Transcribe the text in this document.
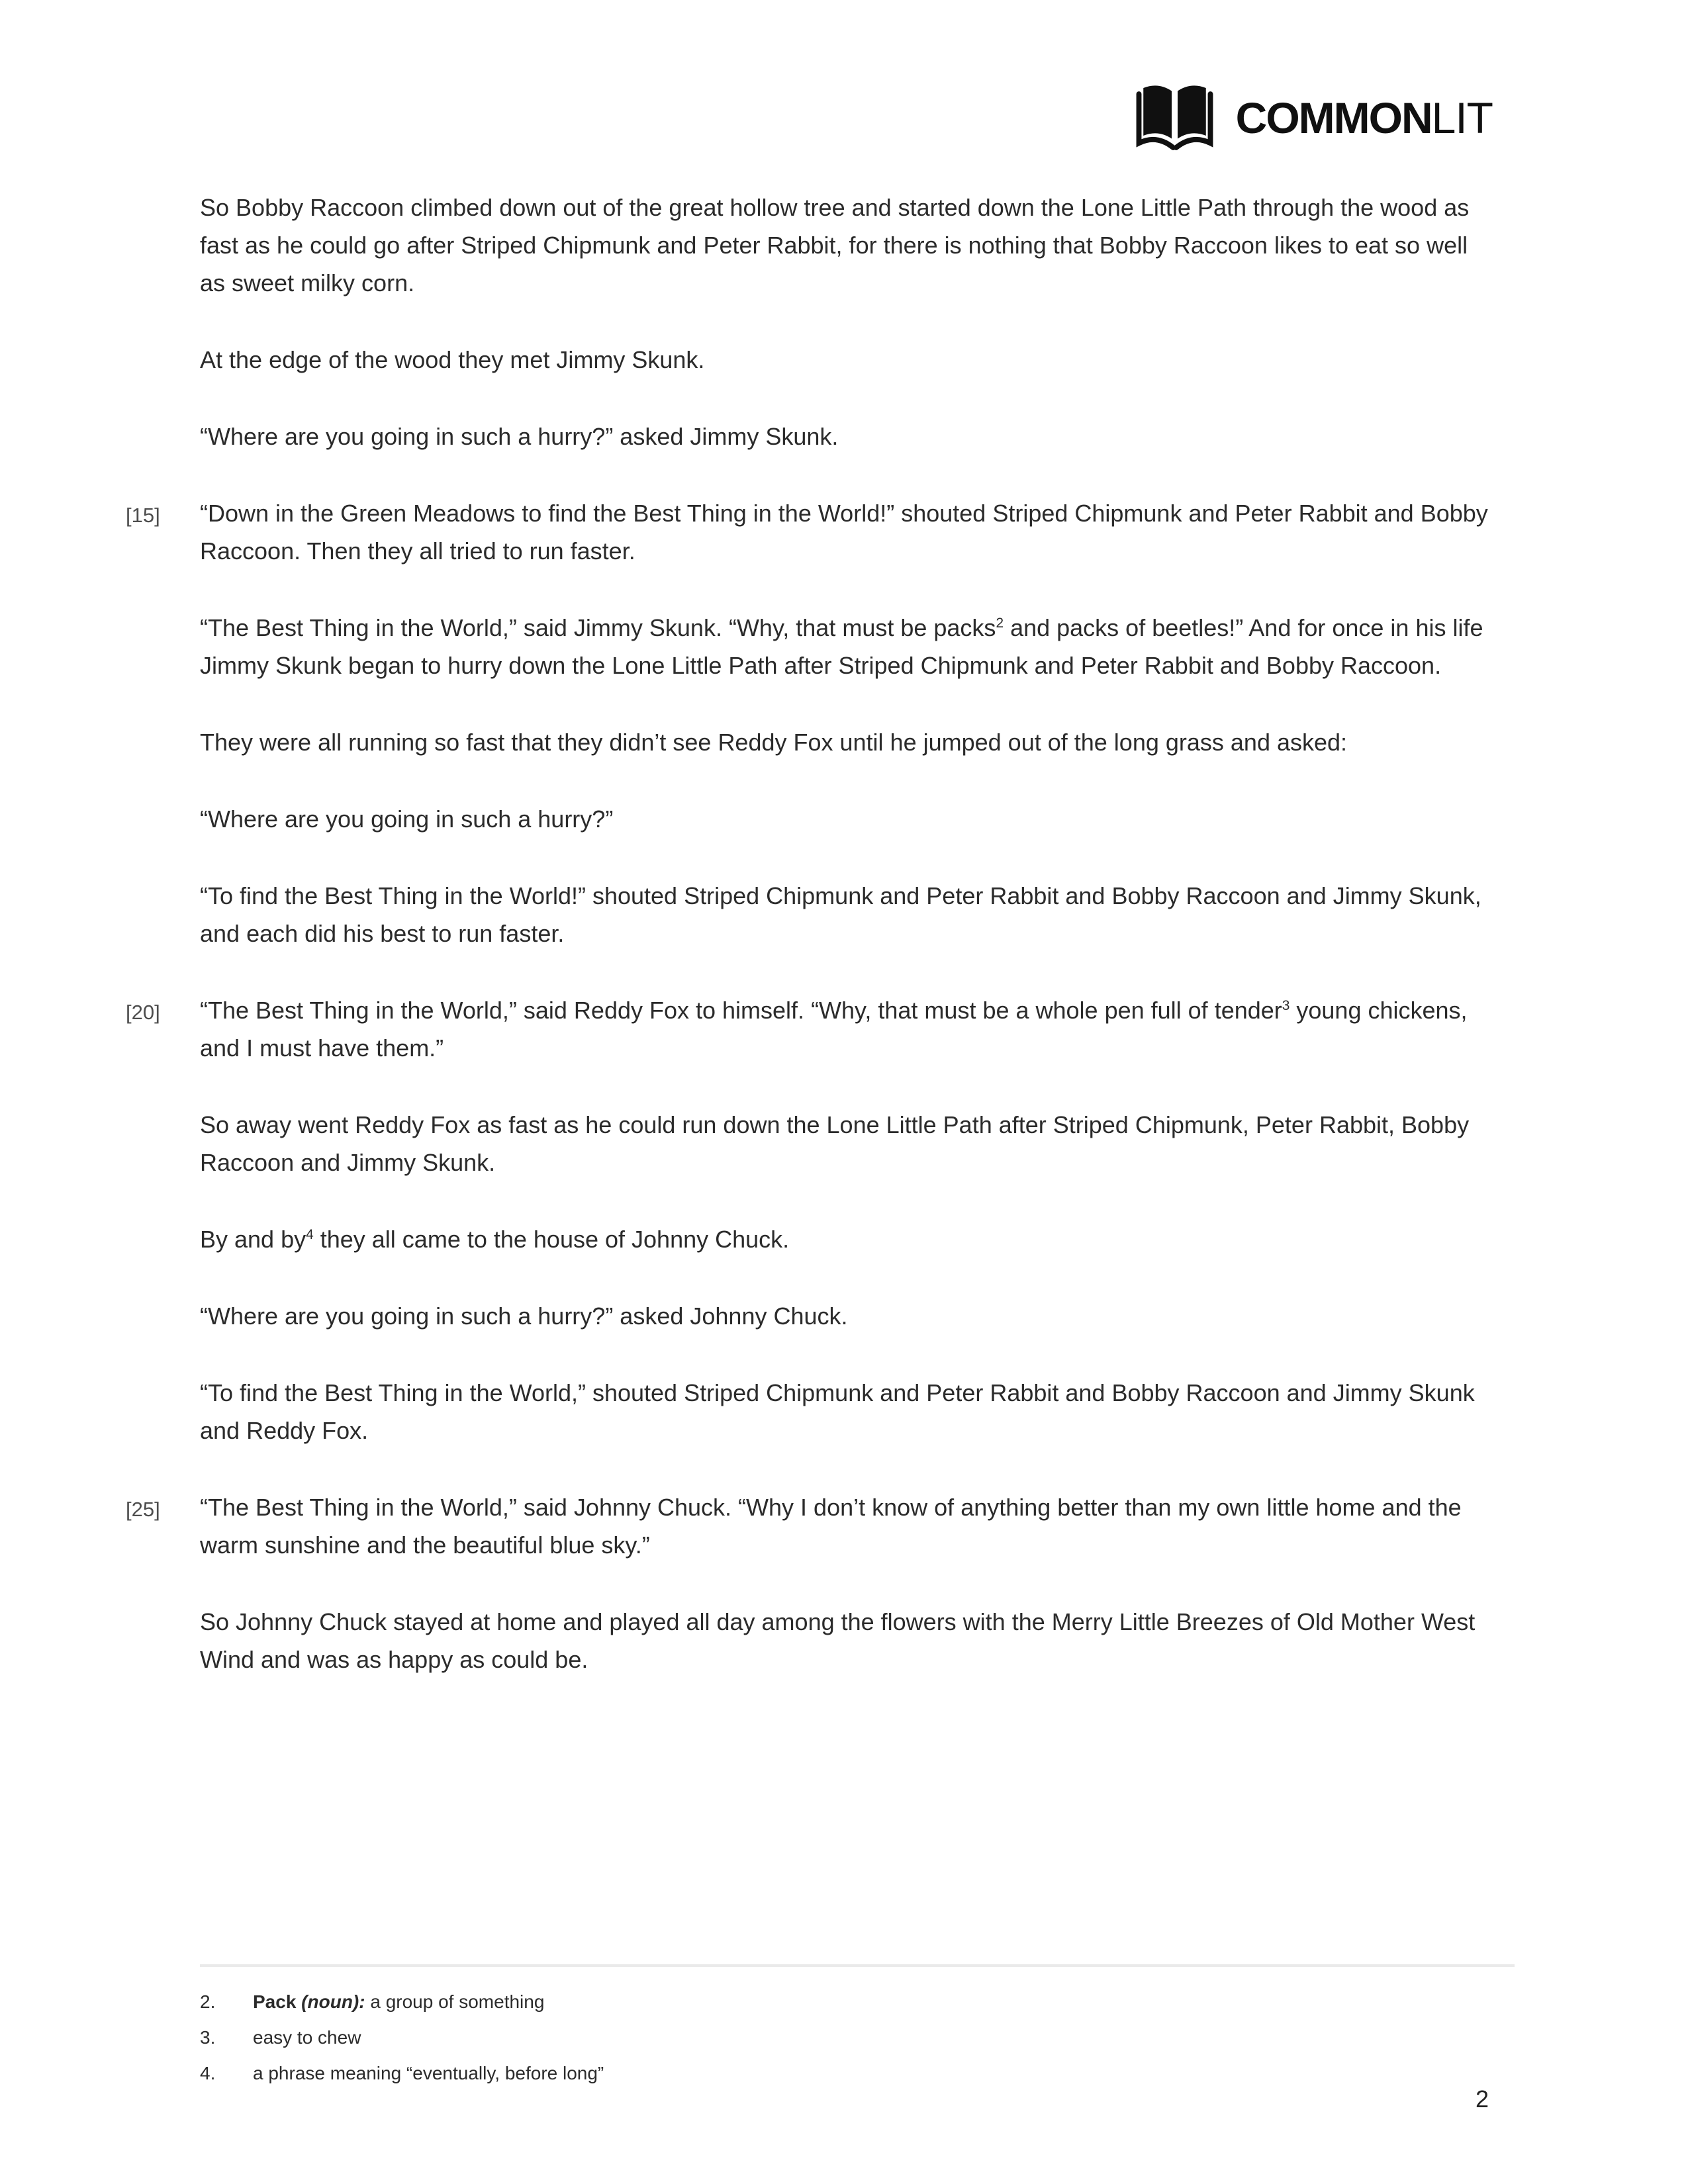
COMMONLIT

So Bobby Raccoon climbed down out of the great hollow tree and started down the Lone Little Path through the wood as fast as he could go after Striped Chipmunk and Peter Rabbit, for there is nothing that Bobby Raccoon likes to eat so well as sweet milky corn.

At the edge of the wood they met Jimmy Skunk.

“Where are you going in such a hurry?” asked Jimmy Skunk.

[15] “Down in the Green Meadows to find the Best Thing in the World!” shouted Striped Chipmunk and Peter Rabbit and Bobby Raccoon. Then they all tried to run faster.

“The Best Thing in the World,” said Jimmy Skunk. “Why, that must be packs$^2$ and packs of beetles!” And for once in his life Jimmy Skunk began to hurry down the Lone Little Path after Striped Chipmunk and Peter Rabbit and Bobby Raccoon.

They were all running so fast that they didn’t see Reddy Fox until he jumped out of the long grass and asked:

“Where are you going in such a hurry?”

“To find the Best Thing in the World!” shouted Striped Chipmunk and Peter Rabbit and Bobby Raccoon and Jimmy Skunk, and each did his best to run faster.

[20] “The Best Thing in the World,” said Reddy Fox to himself. “Why, that must be a whole pen full of tender$^3$ young chickens, and I must have them.”

So away went Reddy Fox as fast as he could run down the Lone Little Path after Striped Chipmunk, Peter Rabbit, Bobby Raccoon and Jimmy Skunk.

By and by$^4$ they all came to the house of Johnny Chuck.

“Where are you going in such a hurry?” asked Johnny Chuck.

“To find the Best Thing in the World,” shouted Striped Chipmunk and Peter Rabbit and Bobby Raccoon and Jimmy Skunk and Reddy Fox.

[25] “The Best Thing in the World,” said Johnny Chuck. “Why I don’t know of anything better than my own little home and the warm sunshine and the beautiful blue sky.”

So Johnny Chuck stayed at home and played all day among the flowers with the Merry Little Breezes of Old Mother West Wind and was as happy as could be.

2.	Pack (noun): a group of something
3.	easy to chew
4.	a phrase meaning “eventually, before long”
2
